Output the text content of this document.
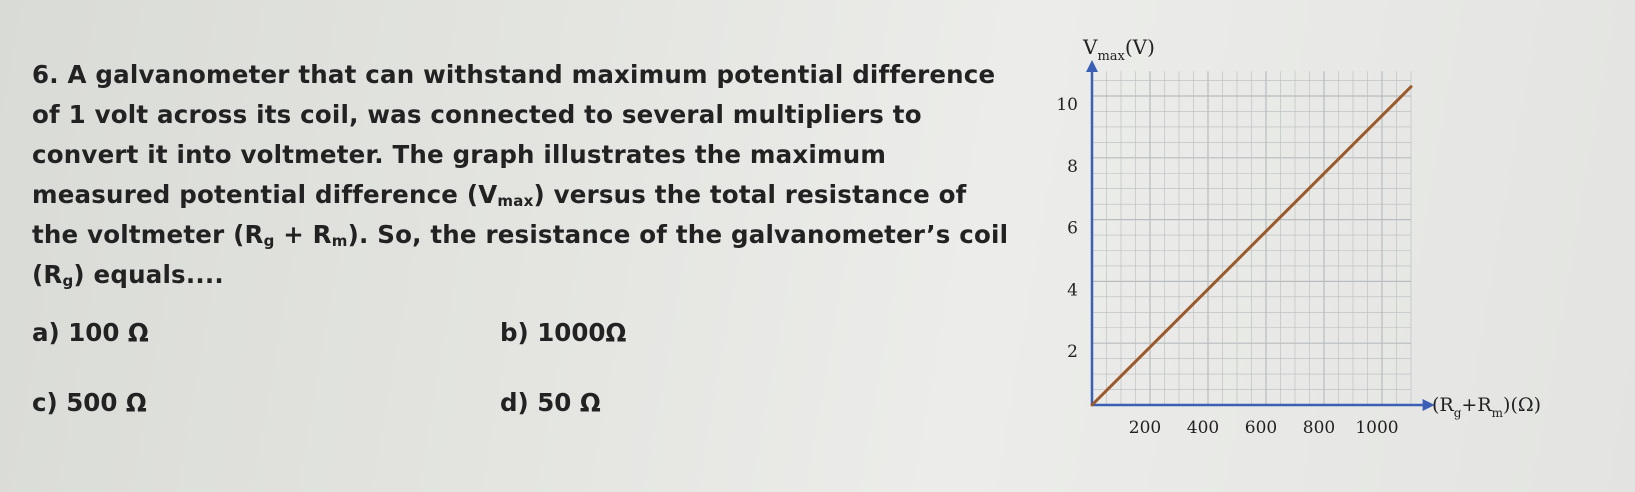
6. A galvanometer that can withstand maximum potential difference
of 1 volt across its coil, was connected to several multipliers to
convert it into voltmeter. The graph illustrates the maximum
measured potential difference $(V_{max})$ versus the total resistance of
the voltmeter $(R_g + R_m)$. So, the resistance of the galvanometer’s coil
$(R_g)$ equals....
a) 100 Ω	b) 1000Ω
c) 500 Ω	d) 50 Ω
200 400 600 800 1000
2
4
6
8
10
$V_{max}(V)$
$(R_g+R_m)(\Omega)$
